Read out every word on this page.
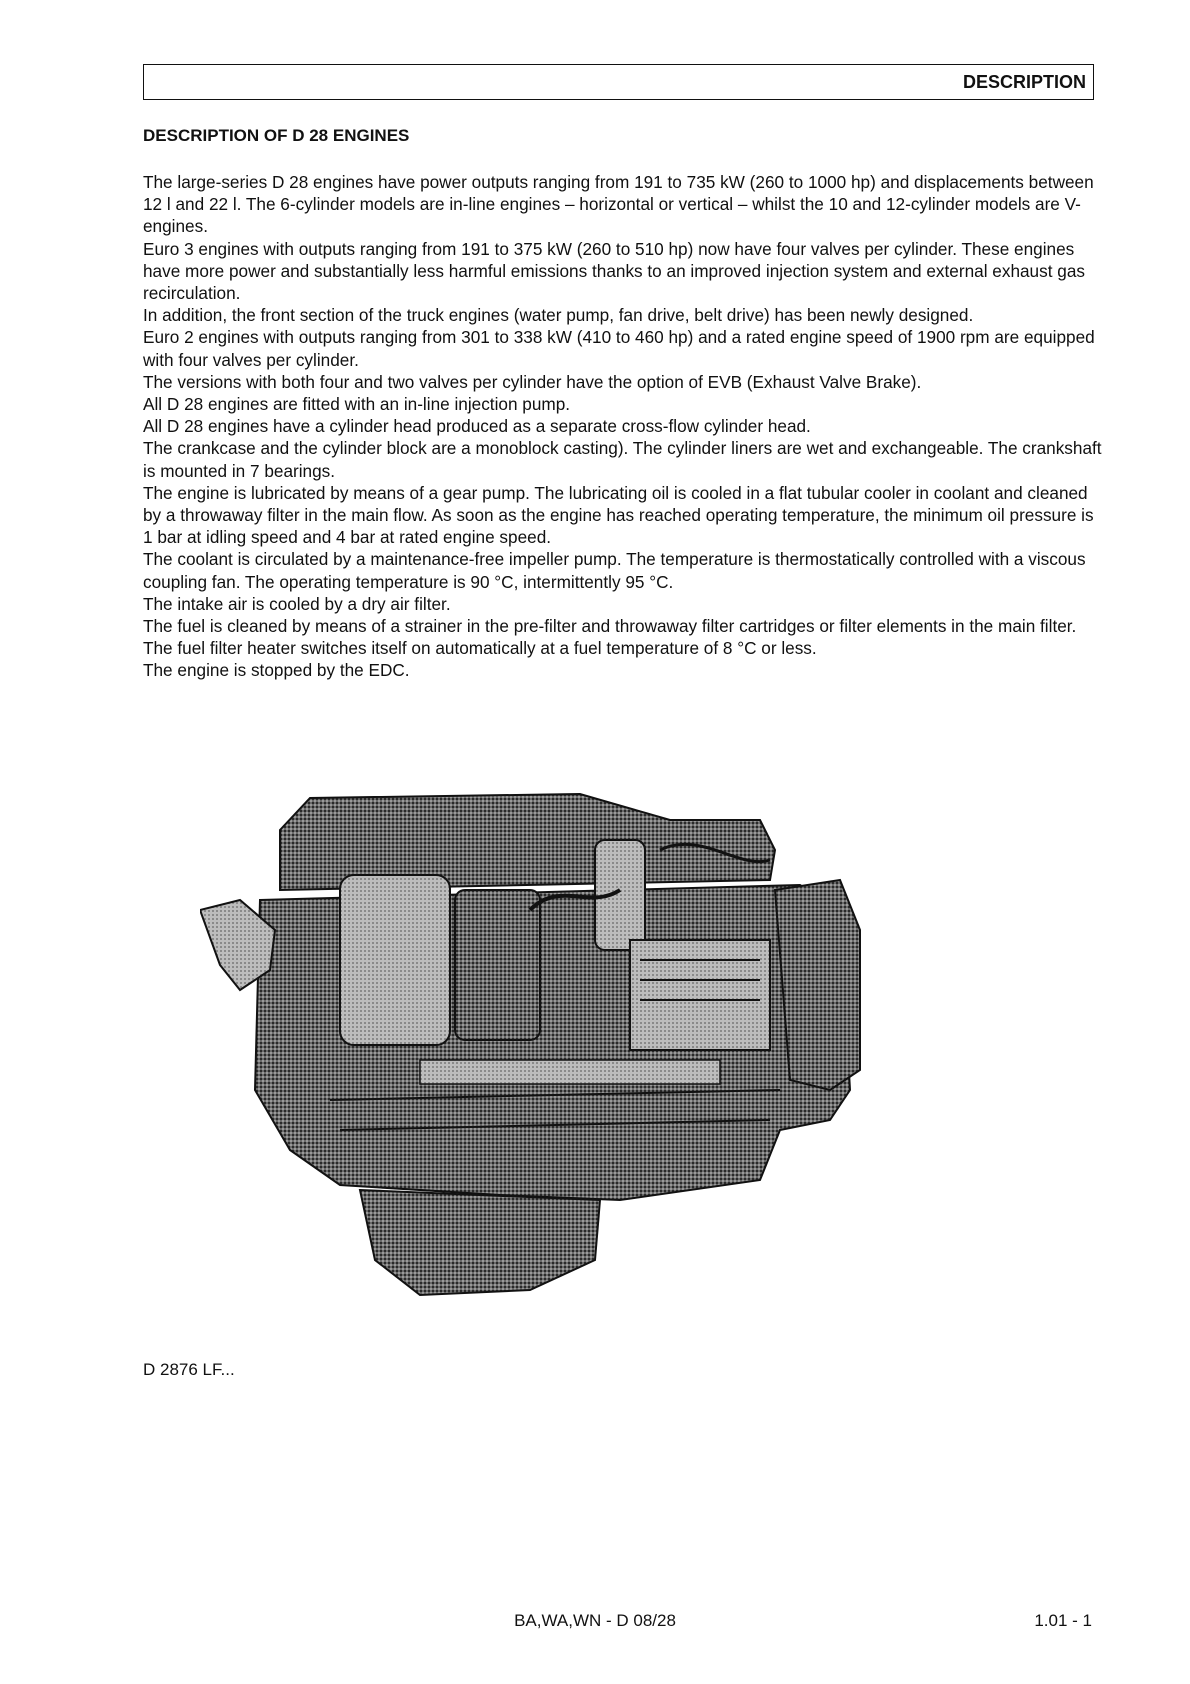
DESCRIPTION
DESCRIPTION OF D 28 ENGINES

The large-series D 28 engines have power outputs ranging from 191 to 735 kW (260 to 1000 hp) and displacements between 12 l and 22 l. The 6-cylinder models are in-line engines – horizontal or vertical – whilst the 10 and 12-cylinder models are V-engines.

Euro 3 engines with outputs ranging from 191 to 375 kW (260 to 510 hp) now have four valves per cylinder. These engines have more power and substantially less harmful emissions thanks to an improved injection system and external exhaust gas recirculation.

In addition, the front section of the truck engines (water pump, fan drive, belt drive) has been newly designed.

Euro 2 engines with outputs ranging from 301 to 338 kW (410 to 460 hp) and a rated engine speed of 1900 rpm are equipped with four valves per cylinder.

The versions with both four and two valves per cylinder have the option of EVB (Exhaust Valve Brake).

All D 28 engines are fitted with an in-line injection pump.

All D 28 engines have a cylinder head produced as a separate cross-flow cylinder head.

The crankcase and the cylinder block are a monoblock casting). The cylinder liners are wet and exchangeable. The crankshaft is mounted in 7 bearings.

The engine is lubricated by means of a gear pump. The lubricating oil is cooled in a flat tubular cooler in coolant and cleaned by a throwaway filter in the main flow. As soon as the engine has reached operating temperature, the minimum oil pressure is 1 bar at idling speed and 4 bar at rated engine speed.

The coolant is circulated by a maintenance-free impeller pump. The temperature is thermostatically controlled with a viscous coupling fan. The operating temperature is 90 °C, intermittently 95 °C.

The intake air is cooled by a dry air filter.

The fuel is cleaned by means of a strainer in the pre-filter and throwaway filter cartridges or filter elements in the main filter.

The fuel filter heater switches itself on automatically at a fuel temperature of 8 °C or less.

The engine is stopped by the EDC.

D 2876 LF...
BA,WA,WN - D 08/28	1.01 - 1
